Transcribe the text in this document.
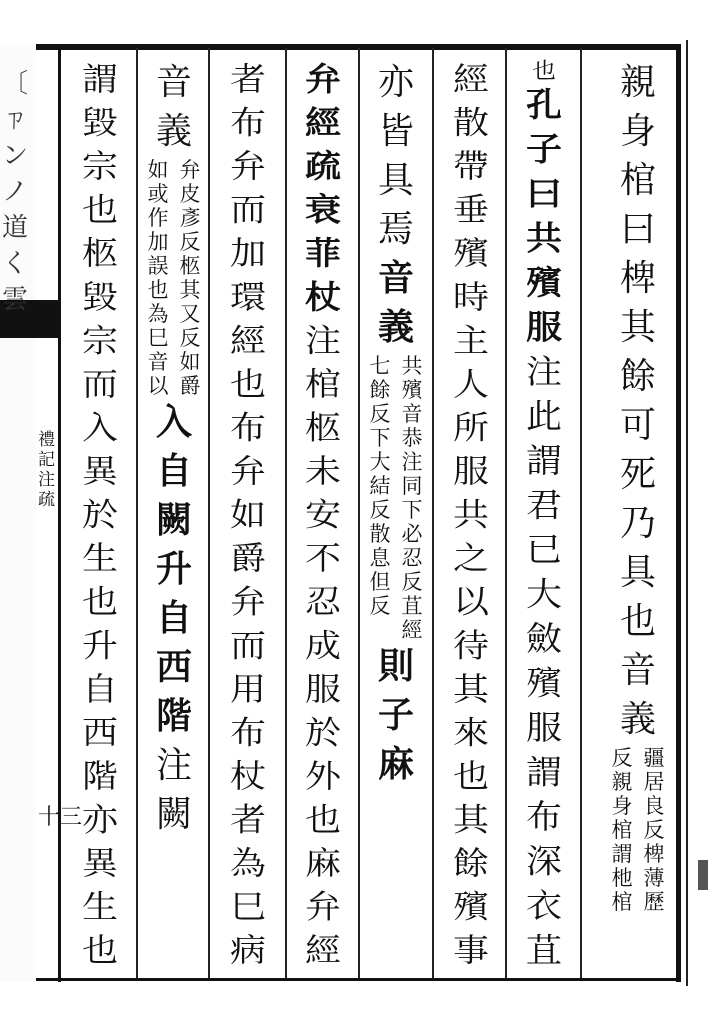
〔
ㄗ
ン
ノ
道
く
雲
禮
記
注
疏
十三
親
身
棺
曰
椑
其
餘
可
死
乃
具
也
音
義
疆
居
良
反
椑
薄
歷
反
親
身
棺
謂
杝
棺
也
孔
子
曰
共
殯
服
注
此
謂
君
已
大
斂
殯
服
謂
布
深
衣
苴
經
散
帶
垂
殯
時
主
人
所
服
共
之
以
待
其
來
也
其
餘
殯
事
亦
皆
具
焉
音
義
共
殯
音
恭
注
同
下
必
忍
反
苴
經
七
餘
反
下
大
結
反
散
息
但
反
則
子
麻
弁
經
疏
衰
菲
杖
注
棺
柩
未
安
不
忍
成
服
於
外
也
麻
弁
經
者
布
弁
而
加
環
經
也
布
弁
如
爵
弁
而
用
布
杖
者
為
巳
病
音
義
弁
皮
彥
反
柩
其
又
反
如
爵
如
或
作
加
誤
也
為
巳
音
以
入
自
闕
升
自
西
階
注
闕
謂
毀
宗
也
柩
毀
宗
而
入
異
於
生
也
升
自
西
階
亦
異
生
也
